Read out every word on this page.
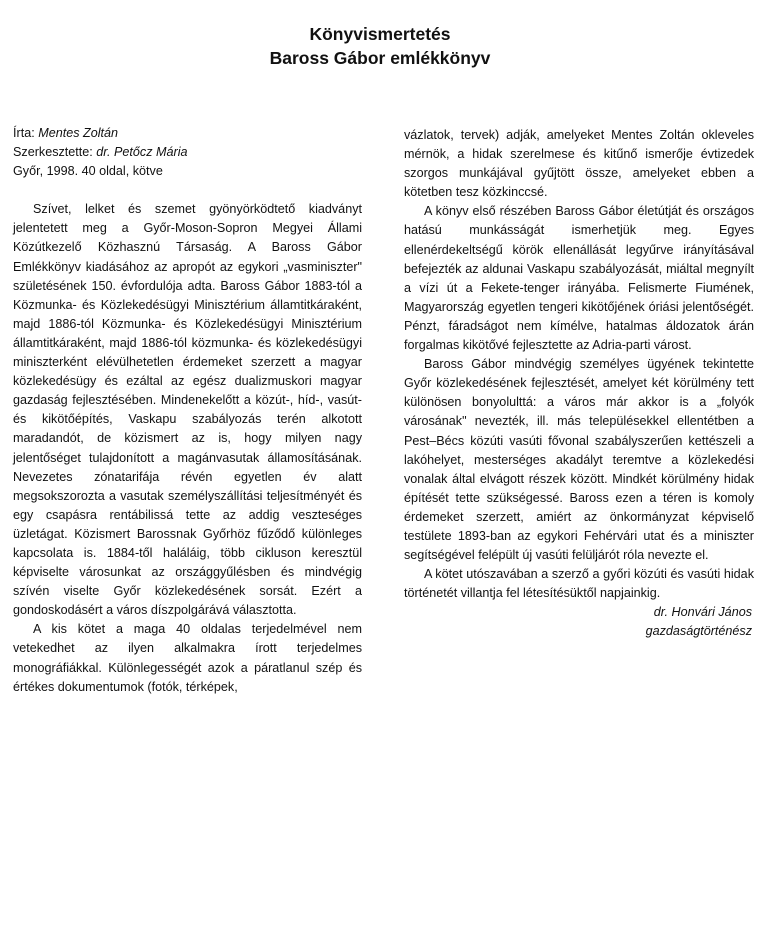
Könyvismertetés
Baross Gábor emlékkönyv
Írta: Mentes Zoltán
Szerkesztette: dr. Petőcz Mária
Győr, 1998. 40 oldal, kötve

Szívet, lelket és szemet gyönyörködtető kiadványt jelentetett meg a Győr-Moson-Sopron Megyei Állami Közútkezelő Közhasznú Társaság. A Baross Gábor Emlékkönyv kiadásához az apropót az egykori „vasminiszter" születésének 150. évfordulója adta. Baross Gábor 1883-tól a Közmunka- és Közlekedésügyi Minisztérium államtitkáraként, majd 1886-tól Közmunka- és Közlekedésügyi Minisztérium államtitkáraként, majd 1886-tól közmunka- és közlekedésügyi miniszterként elévülhetetlen érdemeket szerzett a magyar közlekedésügy és ezáltal az egész dualizmuskori magyar gazdaság fejlesztésében. Mindenekelőtt a közút-, híd-, vasút- és kikötőépítés, Vaskapu szabályozás terén alkotott maradandót, de közismert az is, hogy milyen nagy jelentőséget tulajdonított a magánvasutak államosításának. Nevezetes zónatarifája révén egyetlen év alatt megsokszorozta a vasutak személyszállítási teljesítményét és egy csapásra rentábilissá tette az addig veszteséges üzletágat. Közismert Barossnak Győrhöz fűződő különleges kapcsolata is. 1884-től haláláig, több cikluson keresztül képviselte városunkat az országgyűlésben és mindvégig szívén viselte Győr közlekedésének sorsát. Ezért a gondoskodásért a város díszpolgárává választotta.

A kis kötet a maga 40 oldalas terjedelmével nem vetekedhet az ilyen alkalmakra írott terjedelmes monográfiákkal. Különlegességét azok a páratlanul szép és értékes dokumentumok (fotók, térképek,

vázlatok, tervek) adják, amelyeket Mentes Zoltán okleveles mérnök, a hidak szerelmese és kitűnő ismerője évtizedek szorgos munkájával gyűjtött össze, amelyeket ebben a kötetben tesz közkinccsé.

A könyv első részében Baross Gábor életútját és országos hatású munkásságát ismerhetjük meg. Egyes ellenérdekeltségű körök ellenállását legyűrve irányításával befejezték az aldunai Vaskapu szabályozását, miáltal megnyílt a vízi út a Fekete-tenger irányába. Felismerte Fiumének, Magyarország egyetlen tengeri kikötőjének óriási jelentőségét. Pénzt, fáradságot nem kímélve, hatalmas áldozatok árán forgalmas kikötővé fejlesztette az Adria-parti várost.

Baross Gábor mindvégig személyes ügyének tekintette Győr közlekedésének fejlesztését, amelyet két körülmény tett különösen bonyolulttá: a város már akkor is a „folyók városának" nevezték, ill. más településekkel ellentétben a Pest–Bécs közúti vasúti fővonal szabályszerűen kettészeli a lakóhelyet, mesterséges akadályt teremtve a közlekedési vonalak által elvágott részek között. Mindkét körülmény hidak építését tette szükségessé. Baross ezen a téren is komoly érdemeket szerzett, amiért az önkormányzat képviselő testülete 1893-ban az egykori Fehérvári utat és a miniszter segítségével felépült új vasúti felüljárót róla nevezte el.

A kötet utószavában a szerző a győri közúti és vasúti hidak történetét villantja fel létesítésüktől napjainkig.

dr. Honvári János
gazdaságtörténész
